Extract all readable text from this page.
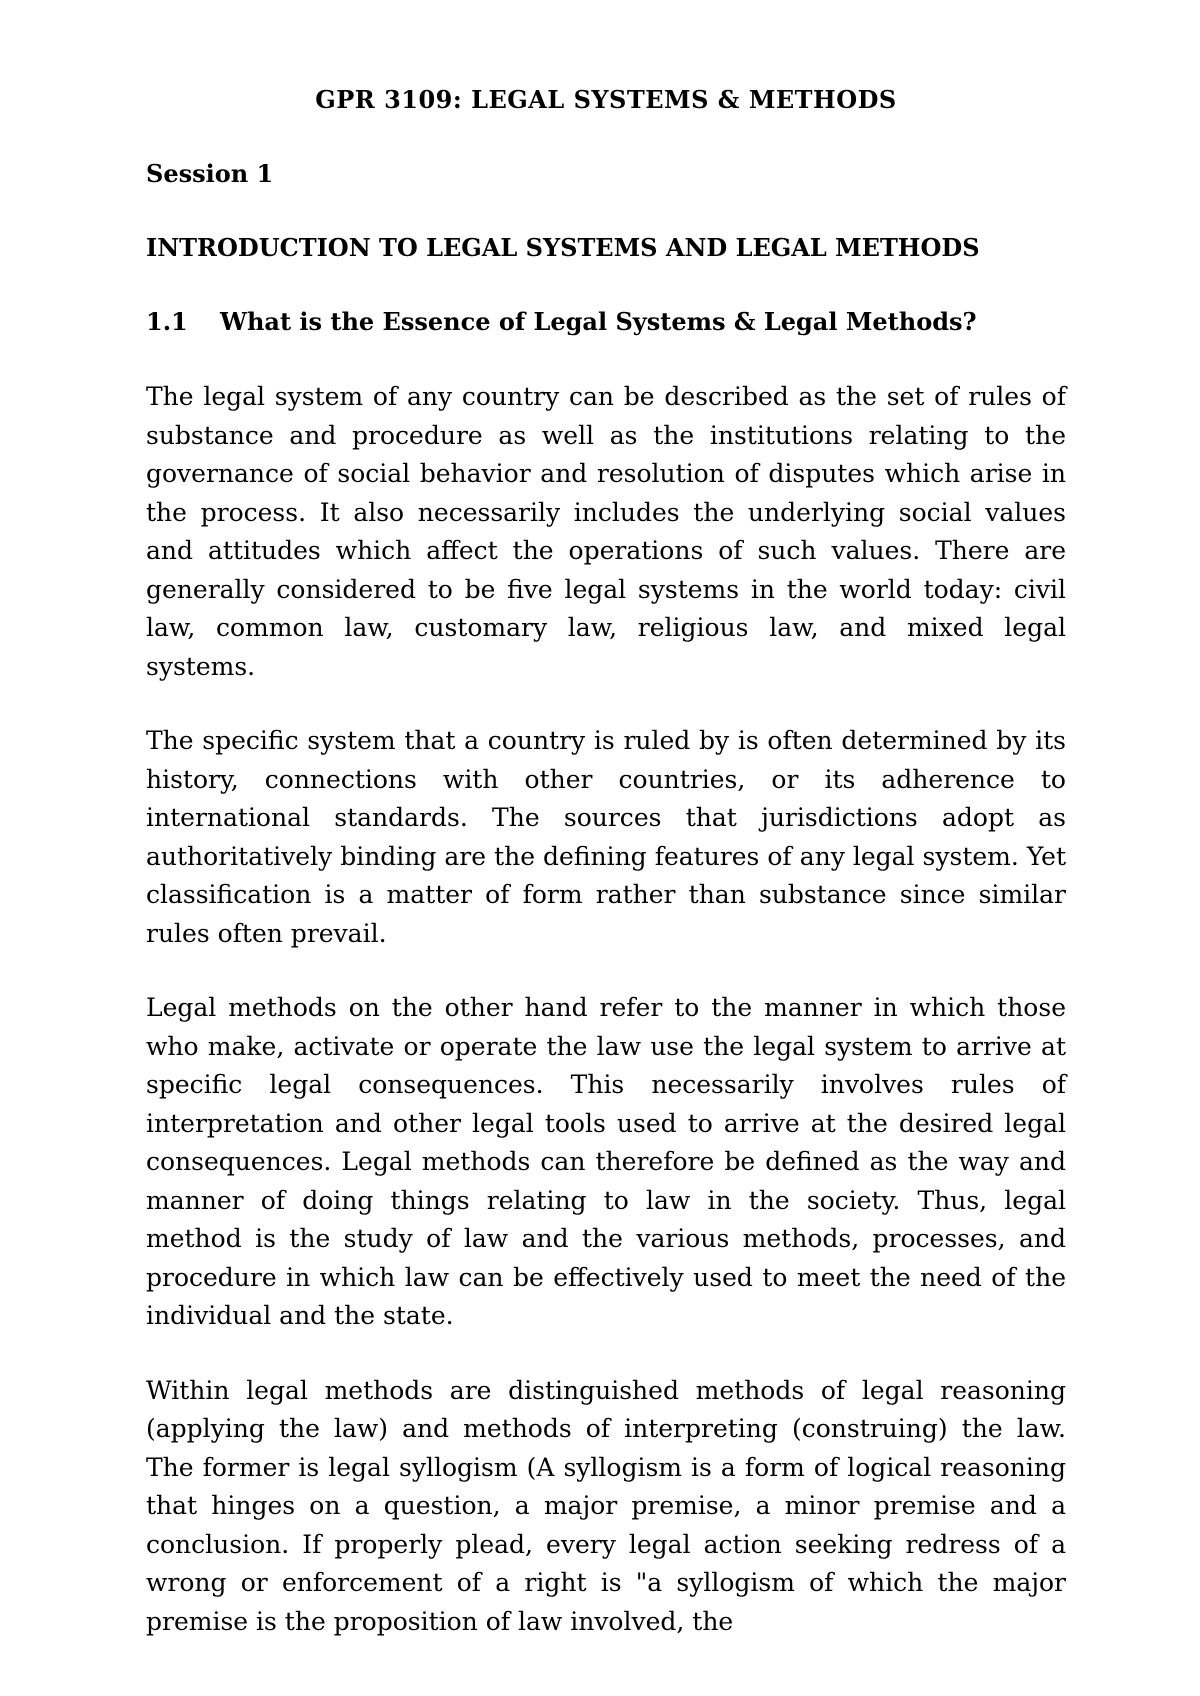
GPR 3109: LEGAL SYSTEMS & METHODS
Session 1
INTRODUCTION TO LEGAL SYSTEMS AND LEGAL METHODS
1.1	What is the Essence of Legal Systems & Legal Methods?

The legal system of any country can be described as the set of rules of substance and procedure as well as the institutions relating to the governance of social behavior and resolution of disputes which arise in the process. It also necessarily includes the underlying social values and attitudes which affect the operations of such values. There are generally considered to be five legal systems in the world today: civil law, common law, customary law, religious law, and mixed legal systems.

The specific system that a country is ruled by is often determined by its history, connections with other countries, or its adherence to international standards. The sources that jurisdictions adopt as authoritatively binding are the defining features of any legal system. Yet classification is a matter of form rather than substance since similar rules often prevail.

Legal methods on the other hand refer to the manner in which those who make, activate or operate the law use the legal system to arrive at specific legal consequences. This necessarily involves rules of interpretation and other legal tools used to arrive at the desired legal consequences. Legal methods can therefore be defined as the way and manner of doing things relating to law in the society. Thus, legal method is the study of law and the various methods, processes, and procedure in which law can be effectively used to meet the need of the individual and the state.

Within legal methods are distinguished methods of legal reasoning (applying the law) and methods of interpreting (construing) the law. The former is legal syllogism (A syllogism is a form of logical reasoning that hinges on a question, a major premise, a minor premise and a conclusion. If properly plead, every legal action seeking redress of a wrong or enforcement of a right is "a syllogism of which the major premise is the proposition of law involved, the
